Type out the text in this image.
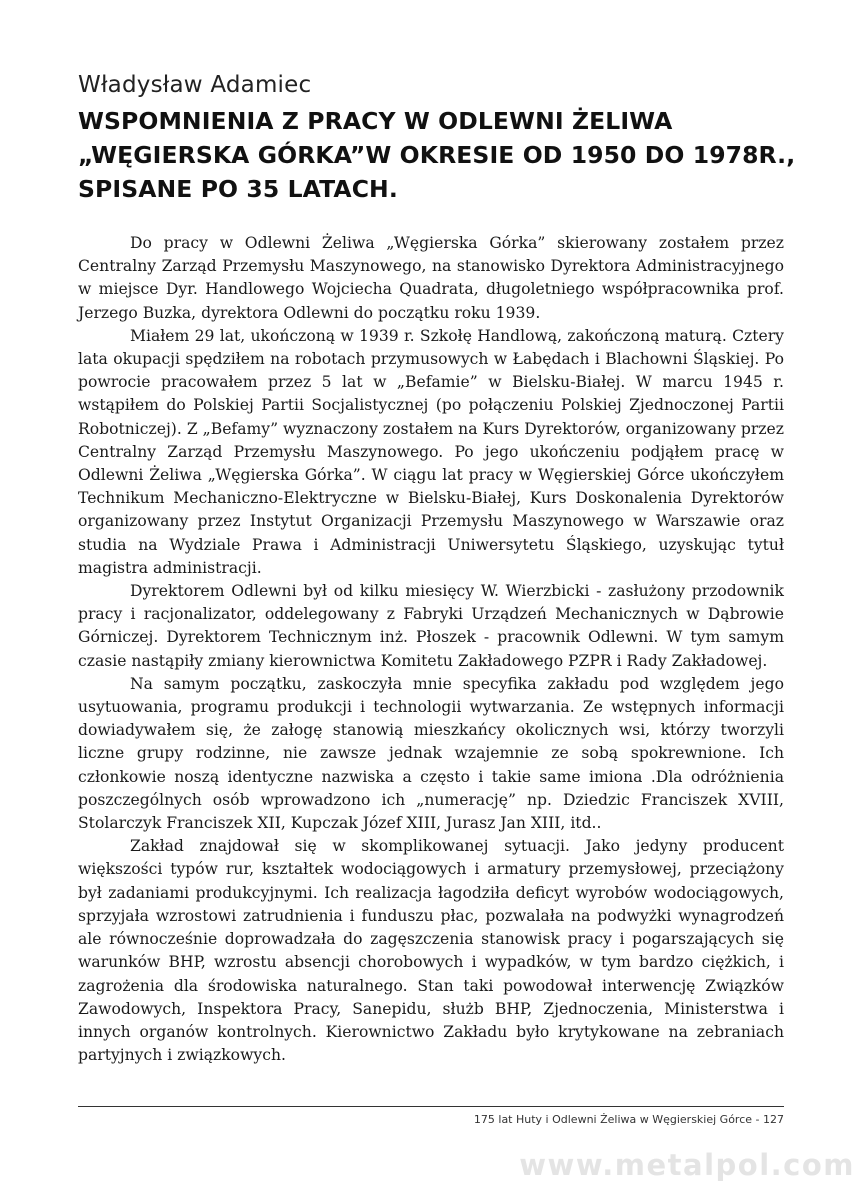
Władysław Adamiec
WSPOMNIENIA Z PRACY W ODLEWNI ŻELIWA
„WĘGIERSKA GÓRKA”W OKRESIE OD 1950 DO 1978R.,
SPISANE PO 35 LATACH.

Do pracy w Odlewni Żeliwa „Węgierska Górka” skierowany zostałem przez Centralny Zarząd Przemysłu Maszynowego, na stanowisko Dyrektora Administracyjnego w miejsce Dyr. Handlowego Wojciecha Quadrata, długoletniego współpracownika prof. Jerzego Buzka, dyrektora Odlewni do początku roku 1939.

Miałem 29 lat, ukończoną w 1939 r. Szkołę Handlową, zakończoną maturą. Cztery lata okupacji spędziłem na robotach przymusowych w Łabędach i Blachowni Śląskiej. Po powrocie pracowałem przez 5 lat w „Befamie” w Bielsku-Białej. W marcu 1945 r. wstąpiłem do Polskiej Partii Socjalistycznej (po połączeniu Polskiej Zjednoczonej Partii Robotniczej). Z „Befamy” wyznaczony zostałem na Kurs Dyrektorów, organizowany przez Centralny Zarząd Przemysłu Maszynowego. Po jego ukończeniu podjąłem pracę w Odlewni Żeliwa „Węgierska Górka”. W ciągu lat pracy w Węgierskiej Górce ukończyłem Technikum Mechaniczno-Elektryczne w Bielsku-Białej, Kurs Doskonalenia Dyrektorów organizowany przez Instytut Organizacji Przemysłu Maszynowego w Warszawie oraz studia na Wydziale Prawa i Administracji Uniwersytetu Śląskiego, uzyskując tytuł magistra administracji.

Dyrektorem Odlewni był od kilku miesięcy W. Wierzbicki - zasłużony przodownik pracy i racjonalizator, oddelegowany z Fabryki Urządzeń Mechanicznych w Dąbrowie Górniczej. Dyrektorem Technicznym inż. Płoszek - pracownik Odlewni. W tym samym czasie nastąpiły zmiany kierownictwa Komitetu Zakładowego PZPR i Rady Zakładowej.

Na samym początku, zaskoczyła mnie specyfika zakładu pod względem jego usytuowania, programu produkcji i technologii wytwarzania. Ze wstępnych informacji dowiadywałem się, że załogę stanowią mieszkańcy okolicznych wsi, którzy tworzyli liczne grupy rodzinne, nie zawsze jednak wzajemnie ze sobą spokrewnione. Ich członkowie noszą identyczne nazwiska a często i takie same imiona .Dla odróżnienia poszczególnych osób wprowadzono ich „numerację” np. Dziedzic Franciszek XVIII, Stolarczyk Franciszek XII, Kupczak Józef XIII, Jurasz Jan XIII, itd..

Zakład znajdował się w skomplikowanej sytuacji. Jako jedyny producent większości typów rur, kształtek wodociągowych i armatury przemysłowej, przeciążony był zadaniami produkcyjnymi. Ich realizacja łagodziła deficyt wyrobów wodociągowych, sprzyjała wzrostowi zatrudnienia i funduszu płac, pozwalała na podwyżki wynagrodzeń ale równocześnie doprowadzała do zagęszczenia stanowisk pracy i pogarszających się warunków BHP, wzrostu absencji chorobowych i wypadków, w tym bardzo ciężkich, i zagrożenia dla środowiska naturalnego. Stan taki powodował interwencję Związków Zawodowych, Inspektora Pracy, Sanepidu, służb BHP, Zjednoczenia, Ministerstwa i innych organów kontrolnych. Kierownictwo Zakładu było krytykowane na zebraniach partyjnych i związkowych.

175 lat Huty i Odlewni Żeliwa w Węgierskiej Górce - 127
www.metalpol.com
